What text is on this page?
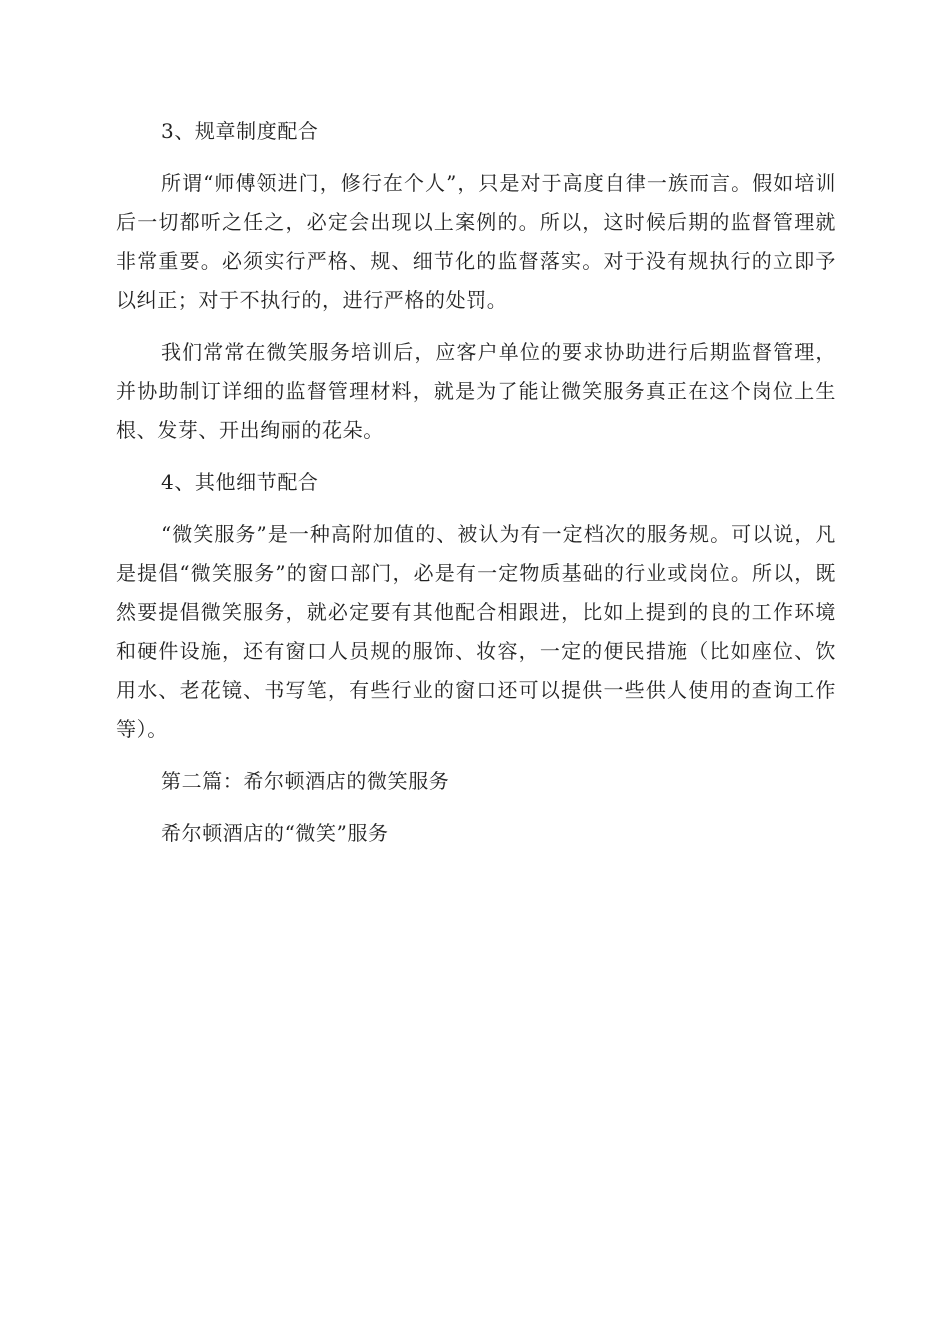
3、规章制度配合

所谓“师傅领进门，修行在个人”，只是对于高度自律一族而言。假如培训后一切都听之任之，必定会出现以上案例的。所以，这时候后期的监督管理就非常重要。必须实行严格、规、细节化的监督落实。对于没有规执行的立即予以纠正；对于不执行的，进行严格的处罚。

我们常常在微笑服务培训后，应客户单位的要求协助进行后期监督管理，并协助制订详细的监督管理材料，就是为了能让微笑服务真正在这个岗位上生根、发芽、开出绚丽的花朵。

4、其他细节配合

“微笑服务”是一种高附加值的、被认为有一定档次的服务规。可以说，凡是提倡“微笑服务”的窗口部门，必是有一定物质基础的行业或岗位。所以，既然要提倡微笑服务，就必定要有其他配合相跟进，比如上提到的良的工作环境和硬件设施，还有窗口人员规的服饰、妆容，一定的便民措施（比如座位、饮用水、老花镜、书写笔，有些行业的窗口还可以提供一些供人使用的查询工作等）。

第二篇：希尔顿酒店的微笑服务

希尔顿酒店的“微笑”服务
